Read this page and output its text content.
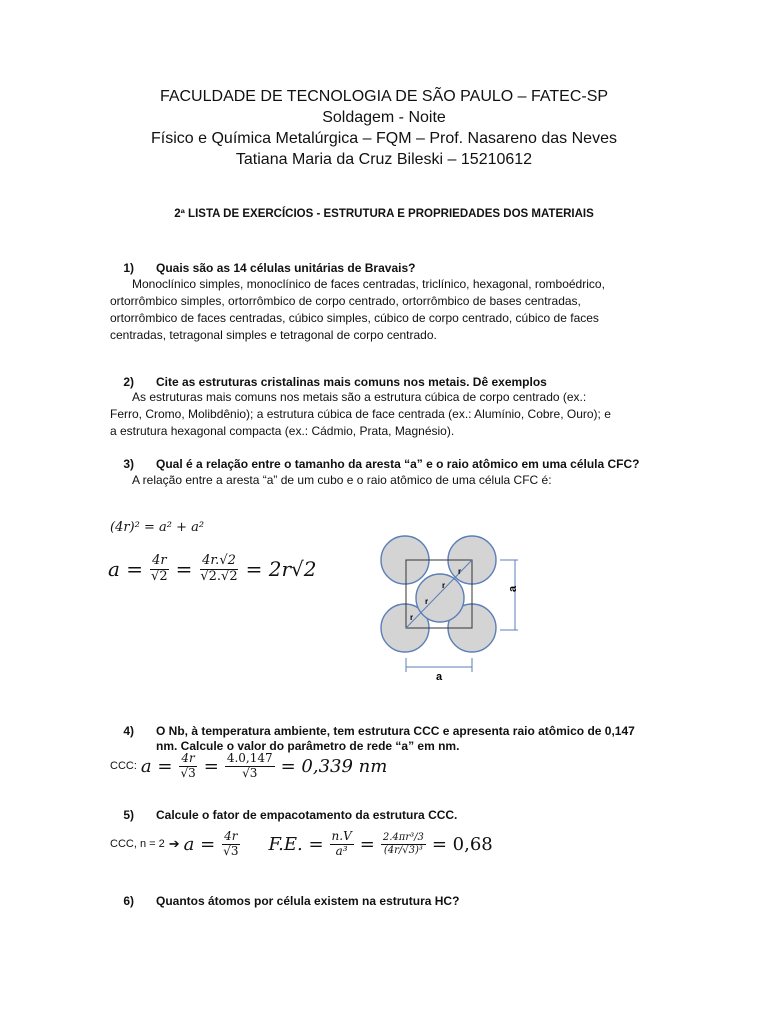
FACULDADE DE TECNOLOGIA DE SÃO PAULO – FATEC-SP
Soldagem - Noite
Físico e Química Metalúrgica – FQM – Prof. Nasareno das Neves
Tatiana Maria da Cruz Bileski – 15210612
2ª LISTA DE EXERCÍCIOS - ESTRUTURA E PROPRIEDADES DOS MATERIAIS
1) Quais são as 14 células unitárias de Bravais?
Monoclínico simples, monoclínico de faces centradas, triclínico, hexagonal, romboédrico,
ortorrômbico simples, ortorrômbico de corpo centrado, ortorrômbico de bases centradas,
ortorrômbico de faces centradas, cúbico simples, cúbico de corpo centrado, cúbico de faces
centradas, tetragonal simples e tetragonal de corpo centrado.
2) Cite as estruturas cristalinas mais comuns nos metais. Dê exemplos
As estruturas mais comuns nos metais são a estrutura cúbica de corpo centrado (ex.:
Ferro, Cromo, Molibdênio); a estrutura cúbica de face centrada (ex.: Alumínio, Cobre, Ouro); e
a estrutura hexagonal compacta (ex.: Cádmio, Prata, Magnésio).
3) Qual é a relação entre o tamanho da aresta “a” e o raio atômico em uma célula CFC?
A relação entre a aresta “a” de um cubo e o raio atômico de uma célula CFC é:
(4r)² = a² + a²
$a = \frac{4r}{√2} = \frac{4r.√2}{√2.√2} = 2r√2$
a
a
r
r
r
r
4) O Nb, à temperatura ambiente, tem estrutura CCC e apresenta raio atômico de 0,147
nm. Calcule o valor do parâmetro de rede “a” em nm.
CCC: $a = \frac{4r}{√3} = \frac{4.0,147}{√3} = 0,339$ nm
5) Calcule o fator de empacotamento da estrutura CCC.
CCC, n = 2 ➔ $a = \frac{4r}{√3} F.E$. = $\frac{n.V}{\text{a³}} = \frac{\text{2.4πr³/3}}{\text{(4r/√3)³}} = 0,68$
6) Quantos átomos por célula existem na estrutura HC?
